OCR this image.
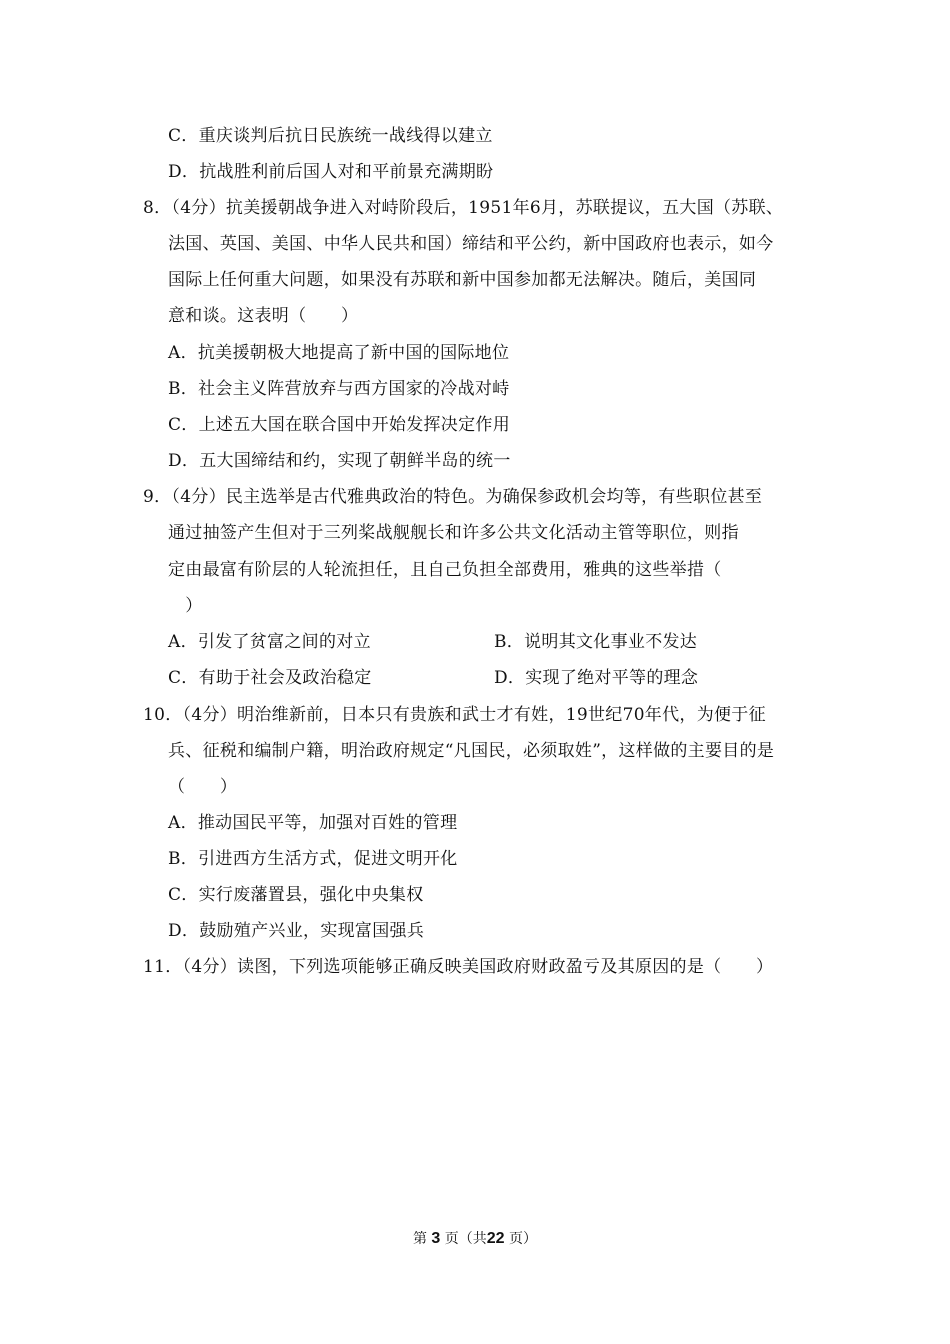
C．重庆谈判后抗日民族统一战线得以建立
D．抗战胜利前后国人对和平前景充满期盼
8．（4分）抗美援朝战争进入对峙阶段后，1951年6月，苏联提议，五大国（苏联、
法国、英国、美国、中华人民共和国）缔结和平公约，新中国政府也表示，如今
国际上任何重大问题，如果没有苏联和新中国参加都无法解决。随后，美国同
意和谈。这表明（　　）
A．抗美援朝极大地提高了新中国的国际地位
B．社会主义阵营放弃与西方国家的冷战对峙
C．上述五大国在联合国中开始发挥决定作用
D．五大国缔结和约，实现了朝鲜半岛的统一
9．（4分）民主选举是古代雅典政治的特色。为确保参政机会均等，有些职位甚至
通过抽签产生但对于三列桨战舰舰长和许多公共文化活动主管等职位，则指
定由最富有阶层的人轮流担任，且自己负担全部费用，雅典的这些举措（
　）
A．引发了贫富之间的对立	B．说明其文化事业不发达
C．有助于社会及政治稳定	D．实现了绝对平等的理念
10．（4分）明治维新前，日本只有贵族和武士才有姓，19世纪70年代，为便于征
兵、征税和编制户籍，明治政府规定“凡国民，必须取姓”，这样做的主要目的是
（　　）
A．推动国民平等，加强对百姓的管理
B．引进西方生活方式，促进文明开化
C．实行废藩置县，强化中央集权
D．鼓励殖产兴业，实现富国强兵
11．（4分）读图，下列选项能够正确反映美国政府财政盈亏及其原因的是（　　）
第 3 页（共22 页）
